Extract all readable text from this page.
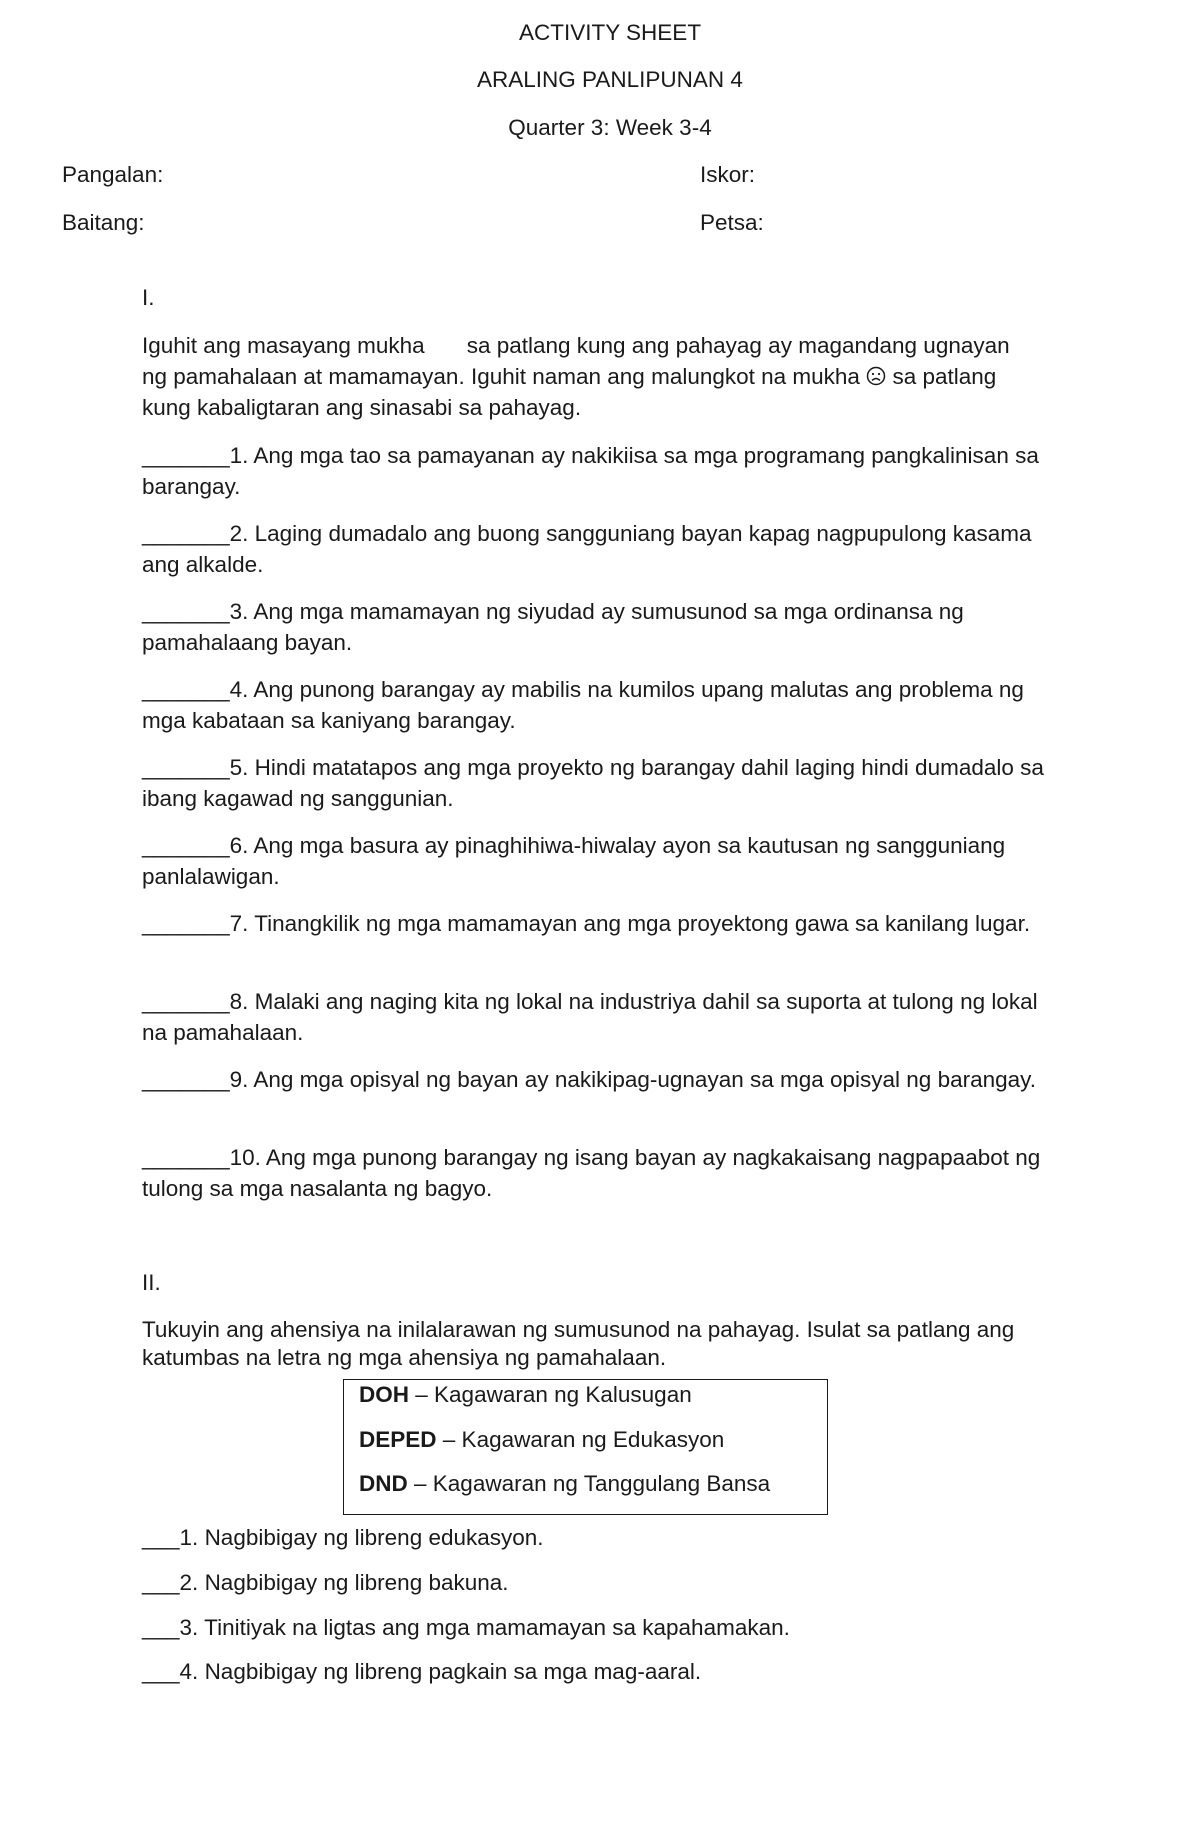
ACTIVITY SHEET
ARALING PANLIPUNAN 4
Quarter 3: Week 3-4
Pangalan:	Iskor:
Baitang:	Petsa:
I.
Iguhit ang masayang mukha sa patlang kung ang pahayag ay magandang ugnayan
ng pamahalaan at mamamayan. Iguhit naman ang malungkot na mukha sa patlang
kung kabaligtaran ang sinasabi sa pahayag.
_______1. Ang mga tao sa pamayanan ay nakikiisa sa mga programang pangkalinisan sa barangay.
_______2. Laging dumadalo ang buong sangguniang bayan kapag nagpupulong kasama ang alkalde.
_______3. Ang mga mamamayan ng siyudad ay sumusunod sa mga ordinansa ng pamahalaang bayan.
_______4. Ang punong barangay ay mabilis na kumilos upang malutas ang problema ng mga kabataan sa kaniyang barangay.
_______5. Hindi matatapos ang mga proyekto ng barangay dahil laging hindi dumadalo sa ibang kagawad ng sanggunian.
_______6. Ang mga basura ay pinaghihiwa-hiwalay ayon sa kautusan ng sangguniang panlalawigan.
_______7. Tinangkilik ng mga mamamayan ang mga proyektong gawa sa kanilang lugar.
_______8. Malaki ang naging kita ng lokal na industriya dahil sa suporta at tulong ng lokal na pamahalaan.
_______9. Ang mga opisyal ng bayan ay nakikipag-ugnayan sa mga opisyal ng barangay.
_______10. Ang mga punong barangay ng isang bayan ay nagkakaisang nagpapaabot ng tulong sa mga nasalanta ng bagyo.
II.
Tukuyin ang ahensiya na inilalarawan ng sumusunod na pahayag. Isulat sa patlang ang katumbas na letra ng mga ahensiya ng pamahalaan.
DOH – Kagawaran ng Kalusugan
DEPED – Kagawaran ng Edukasyon
DND – Kagawaran ng Tanggulang Bansa
___1. Nagbibigay ng libreng edukasyon.
___2. Nagbibigay ng libreng bakuna.
___3. Tinitiyak na ligtas ang mga mamamayan sa kapahamakan.
___4. Nagbibigay ng libreng pagkain sa mga mag-aaral.
